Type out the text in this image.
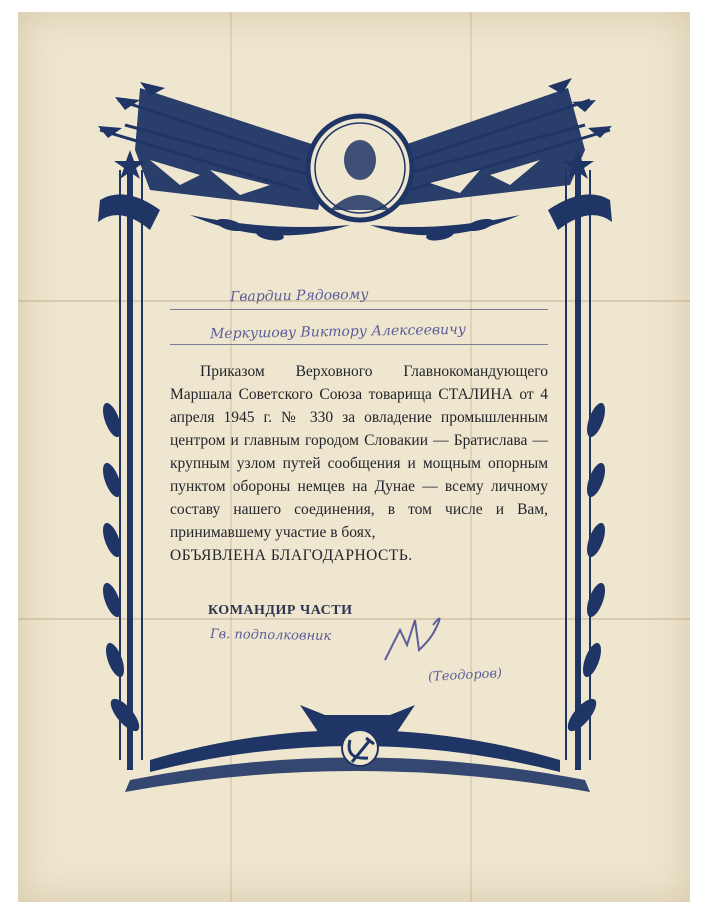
Гвардии Рядовому
Меркушову Виктору Алексеевичу
Приказом Верховного Главнокомандующего Маршала Советского Союза товарища СТАЛИНА от 4 апреля 1945 г. № 330 за овладение промышленным центром и главным городом Словакии — Братислава — крупным узлом путей сообщения и мощным опорным пунктом обороны немцев на Дунае — всему личному составу нашего соединения, в том числе и Вам, принимавшему участие в боях,
ОБЪЯВЛЕНА БЛАГОДАРНОСТЬ.
КОМАНДИР ЧАСТИ
Гв. подполковник
(Теодоров)
